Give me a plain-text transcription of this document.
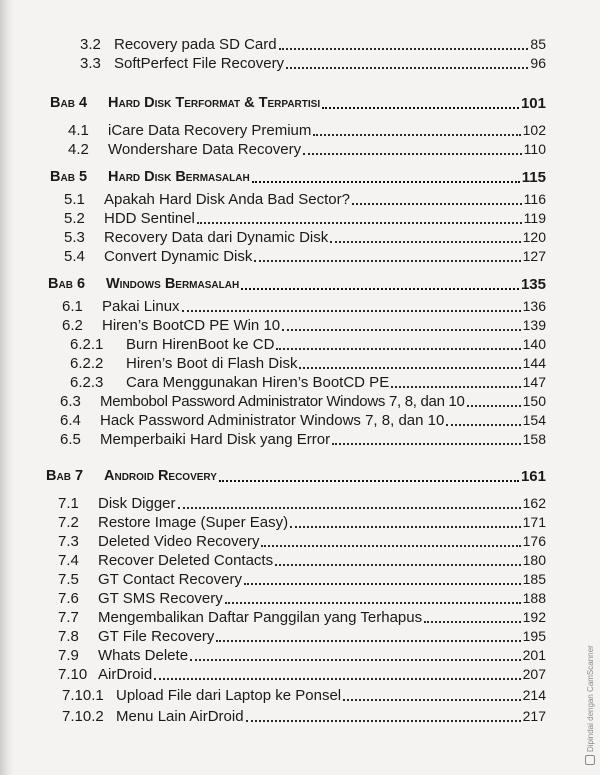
3.2 Recovery pada SD Card	85
3.3 SoftPerfect File Recovery	96
Bab 4	Hard Disk Terformat & Terpartisi	101
4.1	iCare Data Recovery Premium	102
4.2	Wondershare Data Recovery	110
Bab 5	Hard Disk Bermasalah	115
5.1	Apakah Hard Disk Anda Bad Sector?	116
5.2	HDD Sentinel	119
5.3	Recovery Data dari Dynamic Disk	120
5.4	Convert Dynamic Disk	127
Bab 6	Windows Bermasalah	135
6.1	Pakai Linux	136
6.2	Hiren’s BootCD PE Win 10	139
6.2.1	Burn HirenBoot ke CD	140
6.2.2	Hiren’s Boot di Flash Disk	144
6.2.3	Cara Menggunakan Hiren’s BootCD PE	147
6.3	Membobol Password Administrator Windows 7, 8, dan 10	150
6.4	Hack Password Administrator Windows 7, 8, dan 10	154
6.5	Memperbaiki Hard Disk yang Error	158
Bab 7	Android Recovery	161
7.1	Disk Digger	162
7.2	Restore Image (Super Easy)	171
7.3	Deleted Video Recovery	176
7.4	Recover Deleted Contacts	180
7.5	GT Contact Recovery	185
7.6	GT SMS Recovery	188
7.7	Mengembalikan Daftar Panggilan yang Terhapus	192
7.8	GT File Recovery	195
7.9	Whats Delete	201
7.10 AirDroid	207
7.10.1 Upload File dari Laptop ke Ponsel	214
7.10.2 Menu Lain AirDroid	217	Dipindai dengan CamScanner
